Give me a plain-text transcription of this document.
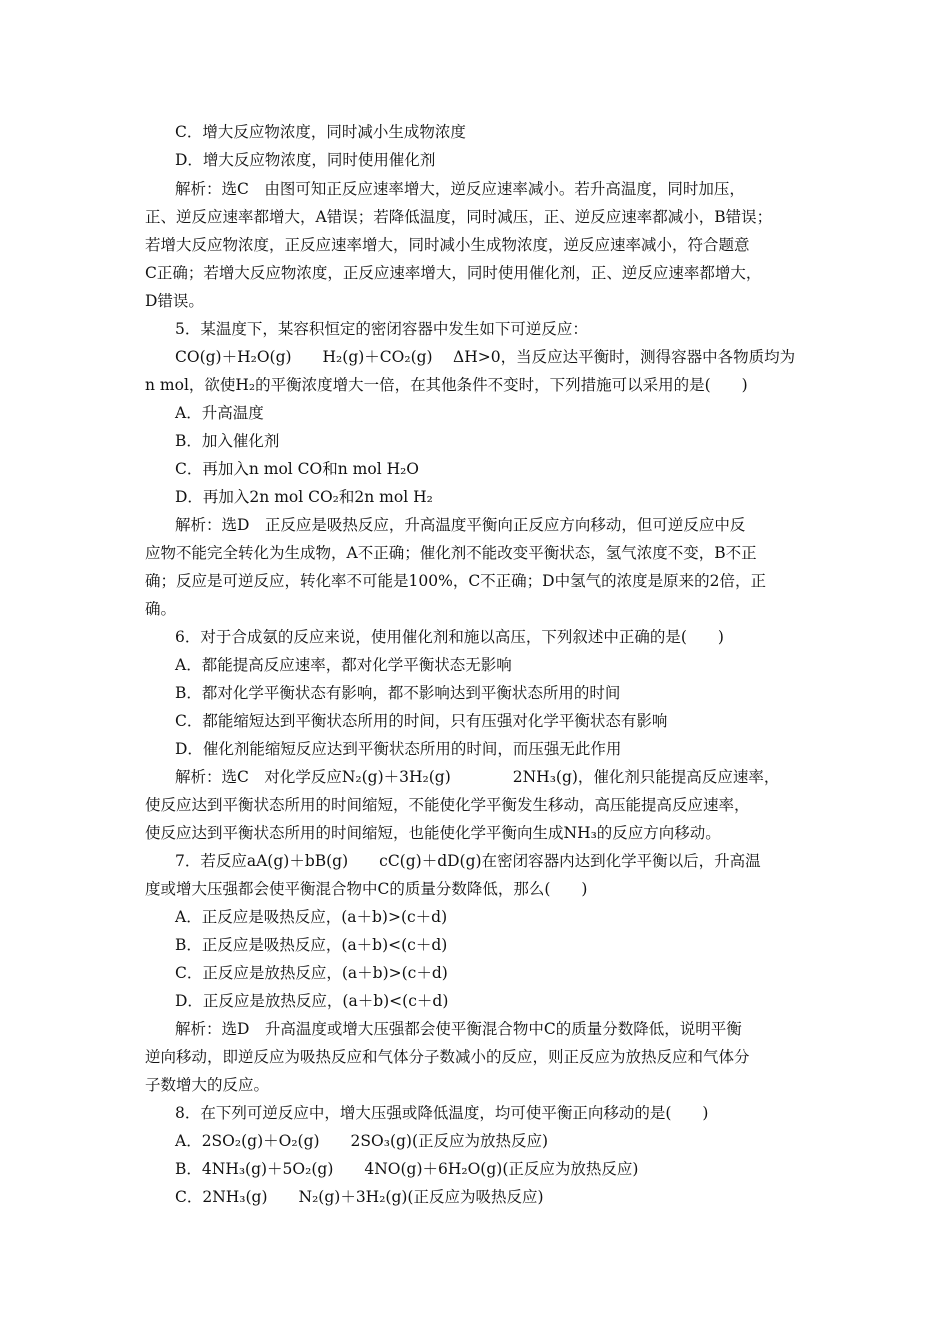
C．增大反应物浓度，同时减小生成物浓度
D．增大反应物浓度，同时使用催化剂
解析：选C　由图可知正反应速率增大，逆反应速率减小。若升高温度，同时加压，
正、逆反应速率都增大，A错误；若降低温度，同时减压，正、逆反应速率都减小，B错误；
若增大反应物浓度，正反应速率增大，同时减小生成物浓度，逆反应速率减小，符合题意
C正确；若增大反应物浓度，正反应速率增大，同时使用催化剂，正、逆反应速率都增大，
D错误。
5．某温度下，某容积恒定的密闭容器中发生如下可逆反应：
CO(g)＋H₂O(g)　　H₂(g)＋CO₂(g)　 ΔH>0，当反应达平衡时，测得容器中各物质均为
n mol，欲使H₂的平衡浓度增大一倍，在其他条件不变时，下列措施可以采用的是(　　)
A．升高温度
B．加入催化剂
C．再加入n mol CO和n mol H₂O
D．再加入2n mol CO₂和2n mol H₂
解析：选D　正反应是吸热反应，升高温度平衡向正反应方向移动，但可逆反应中反
应物不能完全转化为生成物，A不正确；催化剂不能改变平衡状态，氢气浓度不变，B不正
确；反应是可逆反应，转化率不可能是100%，C不正确；D中氢气的浓度是原来的2倍，正
确。
6．对于合成氨的反应来说，使用催化剂和施以高压，下列叙述中正确的是(　　)
A．都能提高反应速率，都对化学平衡状态无影响
B．都对化学平衡状态有影响，都不影响达到平衡状态所用的时间
C．都能缩短达到平衡状态所用的时间，只有压强对化学平衡状态有影响
D．催化剂能缩短反应达到平衡状态所用的时间，而压强无此作用
解析：选C　对化学反应N₂(g)＋3H₂(g)　　　　2NH₃(g)，催化剂只能提高反应速率，
使反应达到平衡状态所用的时间缩短，不能使化学平衡发生移动，高压能提高反应速率，
使反应达到平衡状态所用的时间缩短，也能使化学平衡向生成NH₃的反应方向移动。
7．若反应aA(g)＋bB(g)　　cC(g)＋dD(g)在密闭容器内达到化学平衡以后，升高温
度或增大压强都会使平衡混合物中C的质量分数降低，那么(　　)
A．正反应是吸热反应，(a＋b)>(c＋d)
B．正反应是吸热反应，(a＋b)<(c＋d)
C．正反应是放热反应，(a＋b)>(c＋d)
D．正反应是放热反应，(a＋b)<(c＋d)
解析：选D　升高温度或增大压强都会使平衡混合物中C的质量分数降低，说明平衡
逆向移动，即逆反应为吸热反应和气体分子数减小的反应，则正反应为放热反应和气体分
子数增大的反应。
8．在下列可逆反应中，增大压强或降低温度，均可使平衡正向移动的是(　　)
A．2SO₂(g)＋O₂(g)　　2SO₃(g)(正反应为放热反应)
B．4NH₃(g)＋5O₂(g)　　4NO(g)＋6H₂O(g)(正反应为放热反应)
C．2NH₃(g)　　N₂(g)＋3H₂(g)(正反应为吸热反应)
